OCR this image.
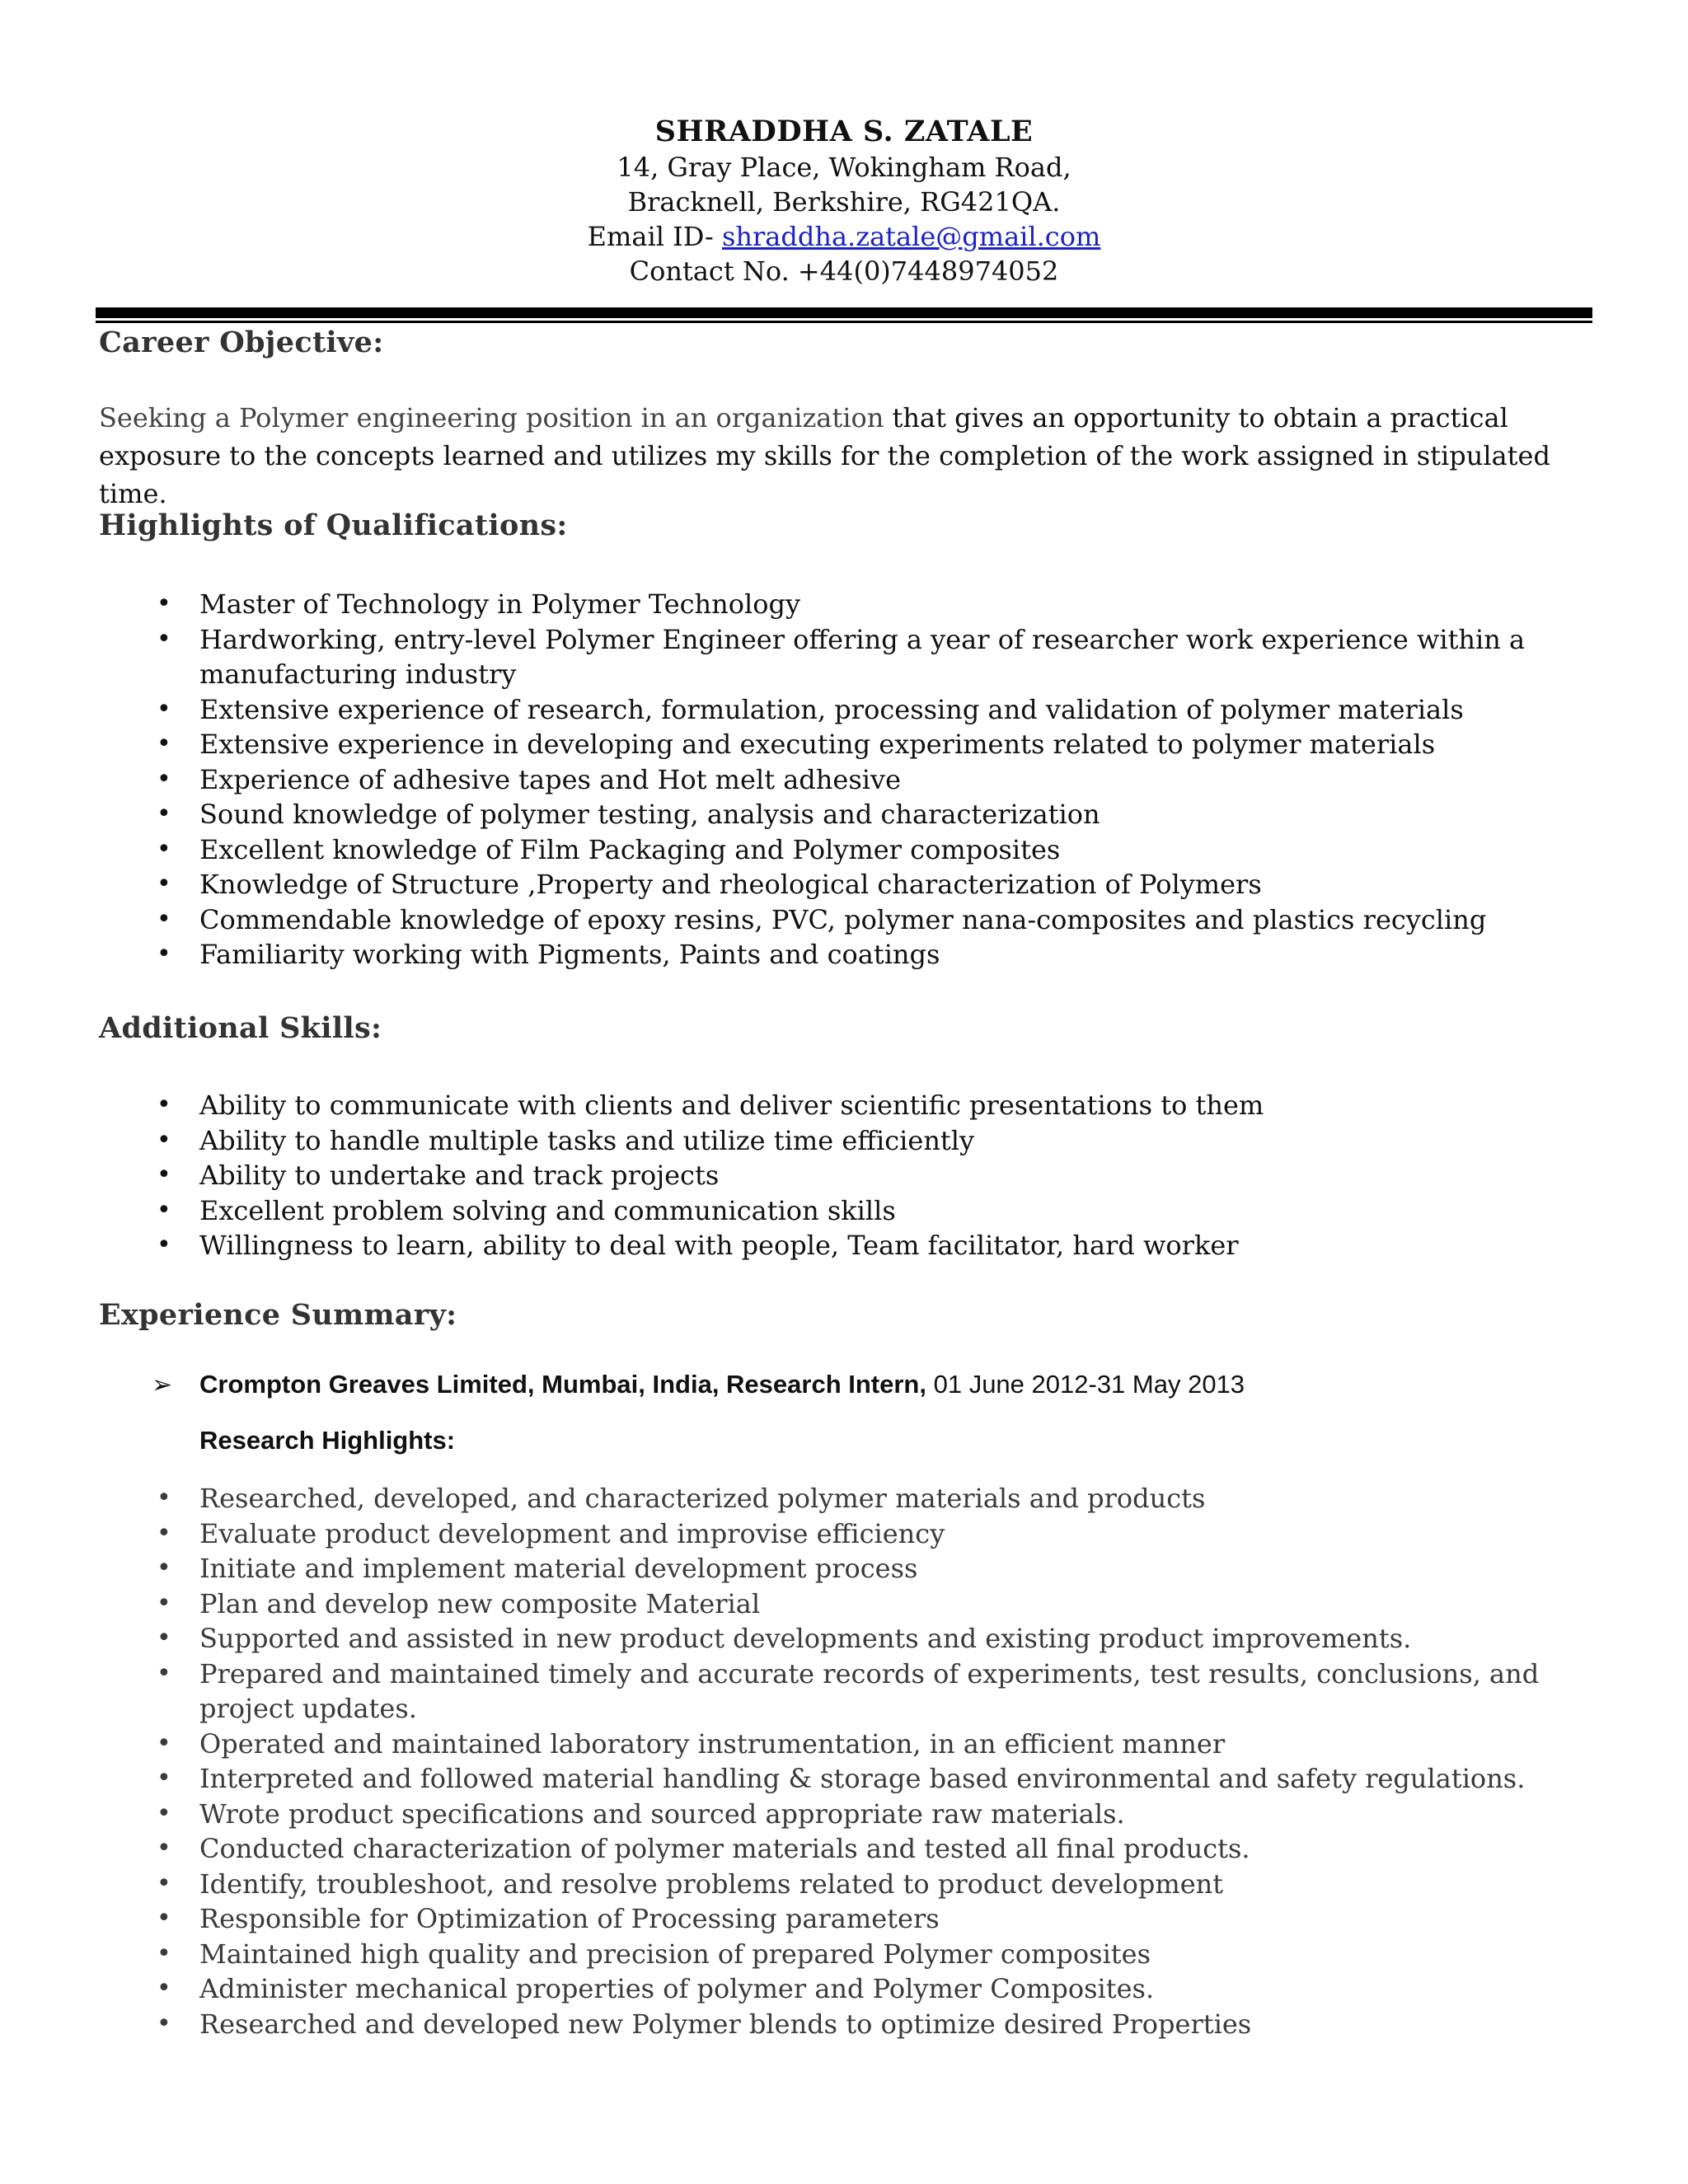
SHRADDHA S. ZATALE
14, Gray Place, Wokingham Road,
Bracknell, Berkshire, RG421QA.
Email ID- shraddha.zatale@gmail.com
Contact No. +44(0)7448974052
Career Objective:
Seeking a Polymer engineering position in an organization that gives an opportunity to obtain a practical exposure to the concepts learned and utilizes my skills for the completion of the work assigned in stipulated time.
Highlights of Qualifications:
• Master of Technology in Polymer Technology
• Hardworking, entry-level Polymer Engineer offering a year of researcher work experience within a manufacturing industry
• Extensive experience of research, formulation, processing and validation of polymer materials
• Extensive experience in developing and executing experiments related to polymer materials
• Experience of adhesive tapes and Hot melt adhesive
• Sound knowledge of polymer testing, analysis and characterization
• Excellent knowledge of Film Packaging and Polymer composites
• Knowledge of Structure ,Property and rheological characterization of Polymers
• Commendable knowledge of epoxy resins, PVC, polymer nana-composites and plastics recycling
• Familiarity working with Pigments, Paints and coatings
Additional Skills:
• Ability to communicate with clients and deliver scientific presentations to them
• Ability to handle multiple tasks and utilize time efficiently
• Ability to undertake and track projects
• Excellent problem solving and communication skills
• Willingness to learn, ability to deal with people, Team facilitator, hard worker
Experience Summary:
➢ Crompton Greaves Limited, Mumbai, India, Research Intern, 01 June 2012-31 May 2013
Research Highlights:
• Researched, developed, and characterized polymer materials and products
• Evaluate product development and improvise efficiency
• Initiate and implement material development process
• Plan and develop new composite Material
• Supported and assisted in new product developments and existing product improvements.
• Prepared and maintained timely and accurate records of experiments, test results, conclusions, and project updates.
• Operated and maintained laboratory instrumentation, in an efficient manner
• Interpreted and followed material handling & storage based environmental and safety regulations.
• Wrote product specifications and sourced appropriate raw materials.
• Conducted characterization of polymer materials and tested all final products.
• Identify, troubleshoot, and resolve problems related to product development
• Responsible for Optimization of Processing parameters
• Maintained high quality and precision of prepared Polymer composites
• Administer mechanical properties of polymer and Polymer Composites.
• Researched and developed new Polymer blends to optimize desired Properties
